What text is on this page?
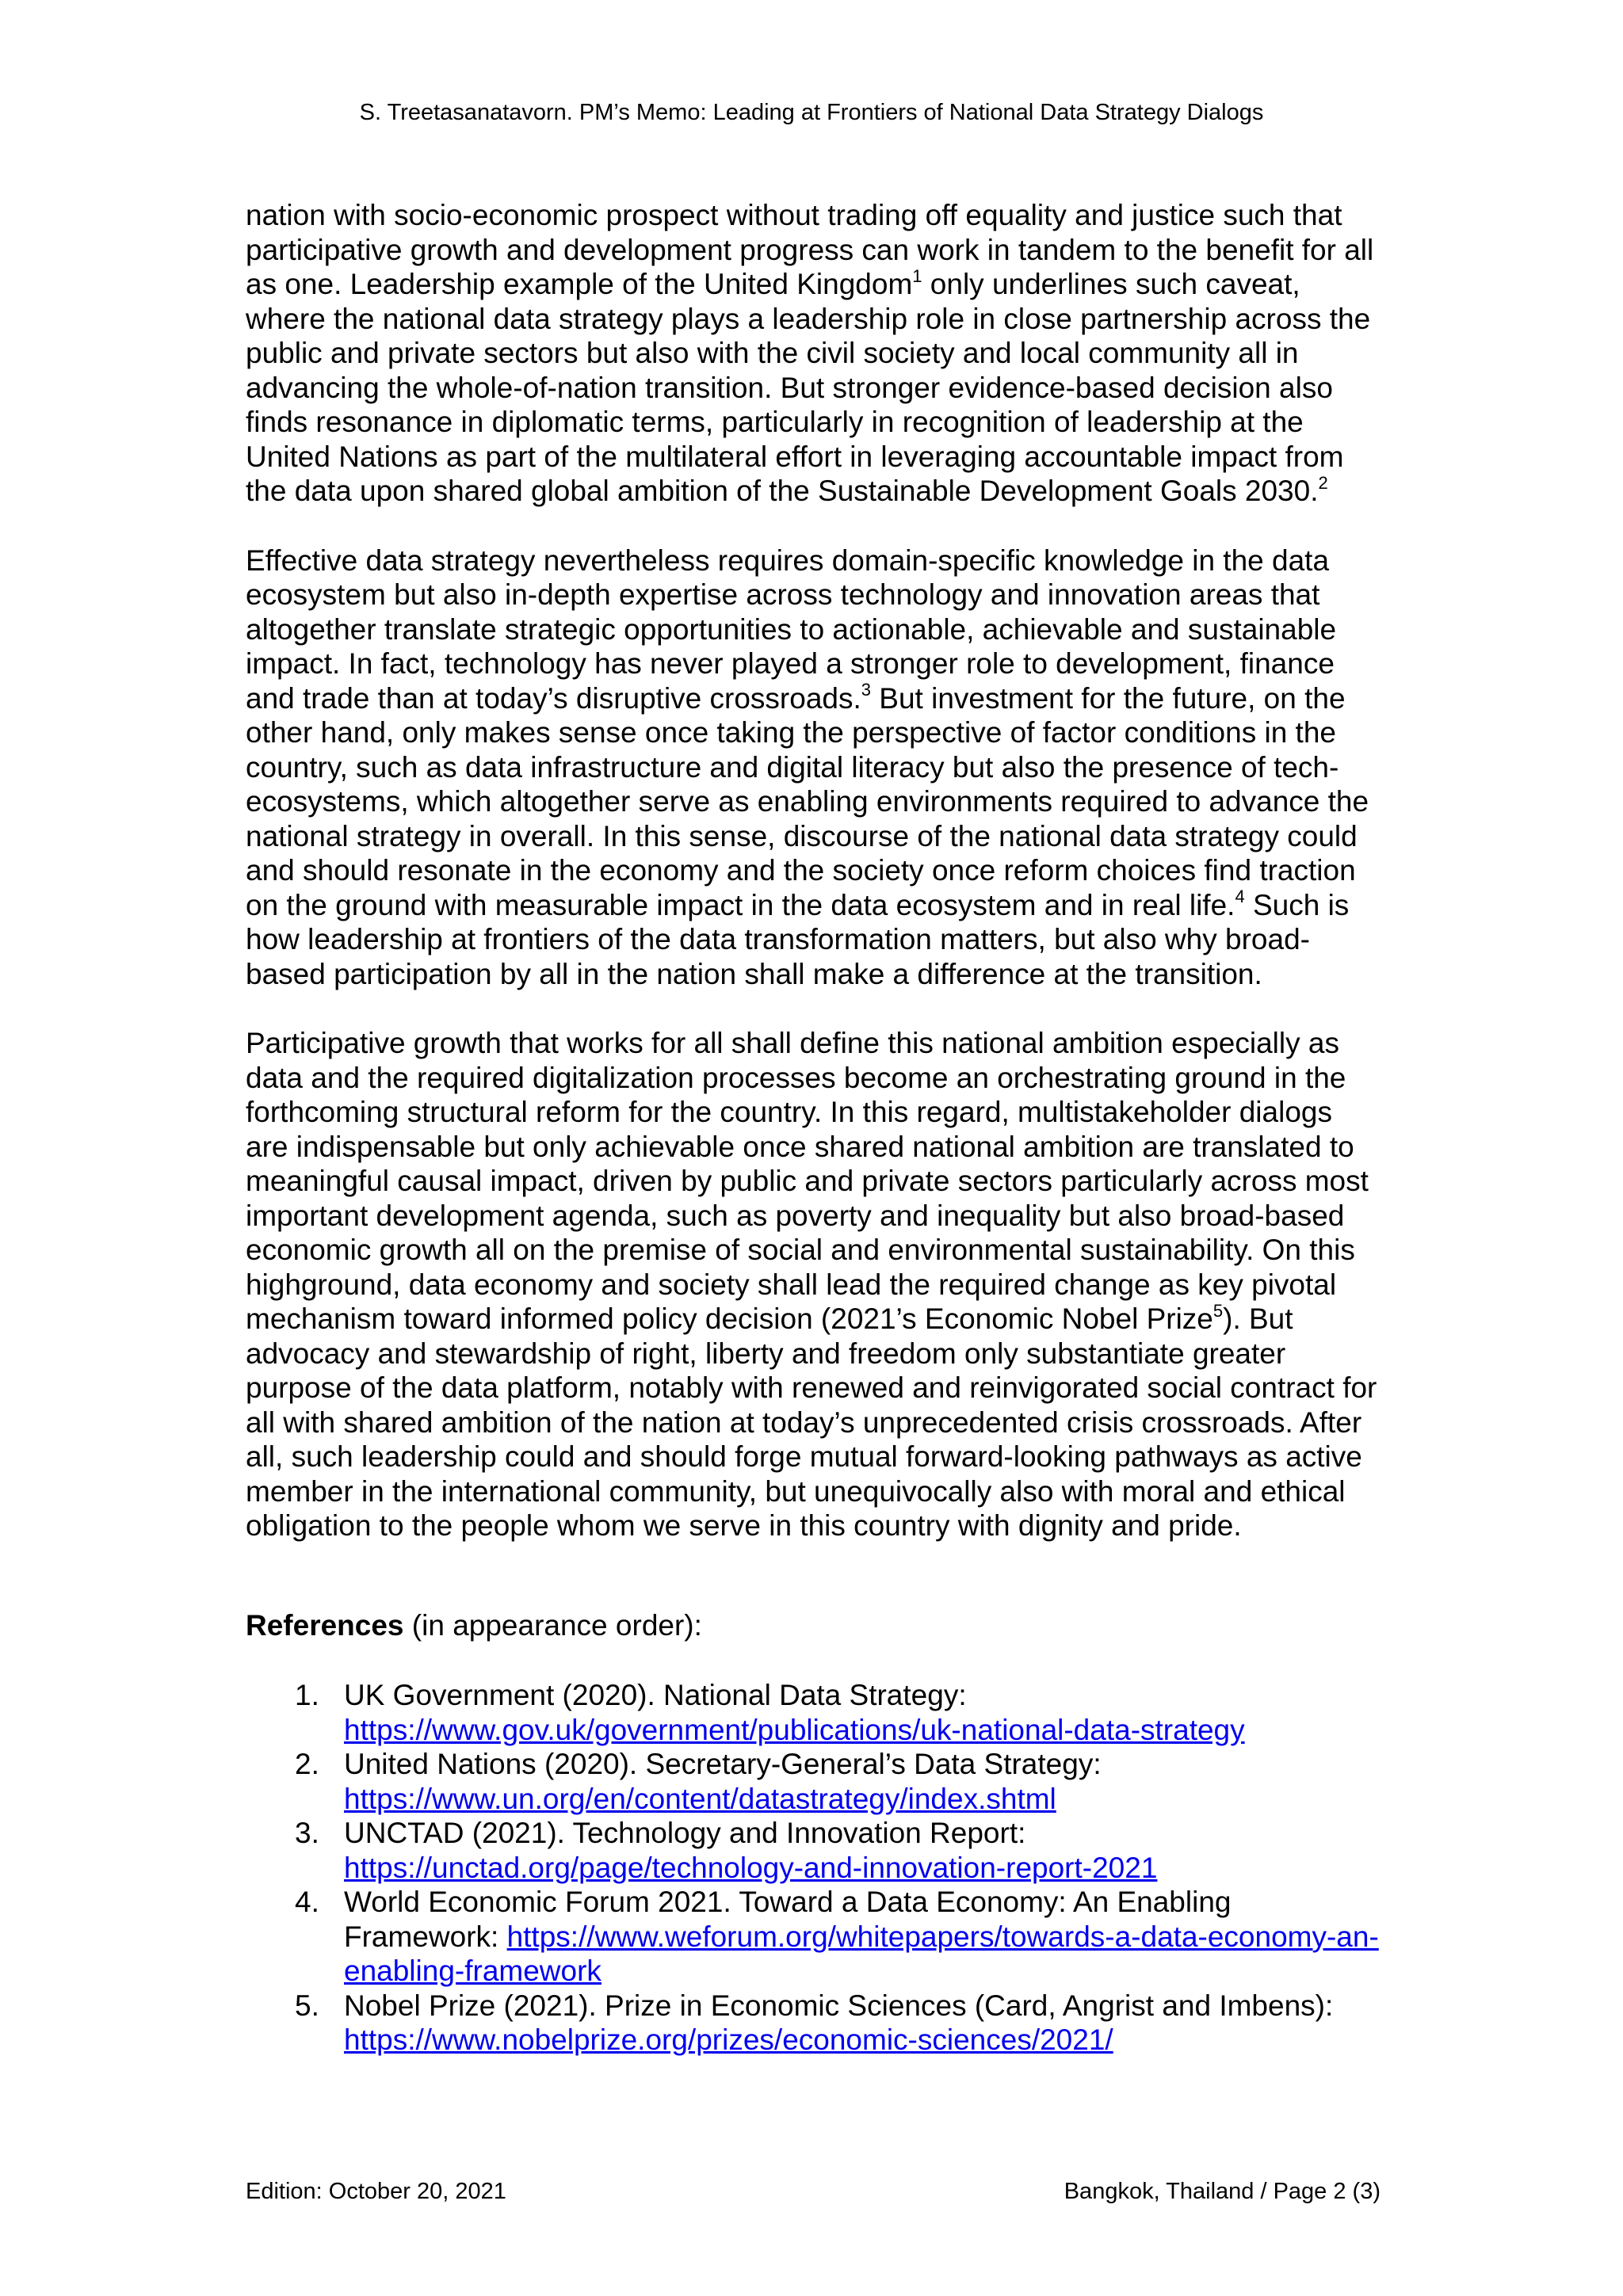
S. Treetasanatavorn. PM’s Memo: Leading at Frontiers of National Data Strategy Dialogs

nation with socio-economic prospect without trading off equality and justice such that participative growth and development progress can work in tandem to the benefit for all as one. Leadership example of the United Kingdom$^1$ only underlines such caveat, where the national data strategy plays a leadership role in close partnership across the public and private sectors but also with the civil society and local community all in advancing the whole-of-nation transition. But stronger evidence-based decision also finds resonance in diplomatic terms, particularly in recognition of leadership at the United Nations as part of the multilateral effort in leveraging accountable impact from the data upon shared global ambition of the Sustainable Development Goals 2030.$^2$

Effective data strategy nevertheless requires domain-specific knowledge in the data ecosystem but also in-depth expertise across technology and innovation areas that altogether translate strategic opportunities to actionable, achievable and sustainable impact. In fact, technology has never played a stronger role to development, finance and trade than at today’s disruptive crossroads.$^3$ But investment for the future, on the other hand, only makes sense once taking the perspective of factor conditions in the country, such as data infrastructure and digital literacy but also the presence of tech-ecosystems, which altogether serve as enabling environments required to advance the national strategy in overall. In this sense, discourse of the national data strategy could and should resonate in the economy and the society once reform choices find traction on the ground with measurable impact in the data ecosystem and in real life.$^4$ Such is how leadership at frontiers of the data transformation matters, but also why broad-based participation by all in the nation shall make a difference at the transition.

Participative growth that works for all shall define this national ambition especially as data and the required digitalization processes become an orchestrating ground in the forthcoming structural reform for the country. In this regard, multistakeholder dialogs are indispensable but only achievable once shared national ambition are translated to meaningful causal impact, driven by public and private sectors particularly across most important development agenda, such as poverty and inequality but also broad-based economic growth all on the premise of social and environmental sustainability. On this highground, data economy and society shall lead the required change as key pivotal mechanism toward informed policy decision (2021’s Economic Nobel Prize$^5$). But advocacy and stewardship of right, liberty and freedom only substantiate greater purpose of the data platform, notably with renewed and reinvigorated social contract for all with shared ambition of the nation at today’s unprecedented crisis crossroads. After all, such leadership could and should forge mutual forward-looking pathways as active member in the international community, but unequivocally also with moral and ethical obligation to the people whom we serve in this country with dignity and pride.

References (in appearance order):
1. UK Government (2020). National Data Strategy:
https://www.gov.uk/government/publications/uk-national-data-strategy
2. United Nations (2020). Secretary-General’s Data Strategy:
https://www.un.org/en/content/datastrategy/index.shtml
3. UNCTAD (2021). Technology and Innovation Report:
https://unctad.org/page/technology-and-innovation-report-2021
4. World Economic Forum 2021. Toward a Data Economy: An Enabling Framework: https://www.weforum.org/whitepapers/towards-a-data-economy-an-enabling-framework
5. Nobel Prize (2021). Prize in Economic Sciences (Card, Angrist and Imbens):
https://www.nobelprize.org/prizes/economic-sciences/2021/
Edition: October 20, 2021	Bangkok, Thailand / Page 2 (3)
